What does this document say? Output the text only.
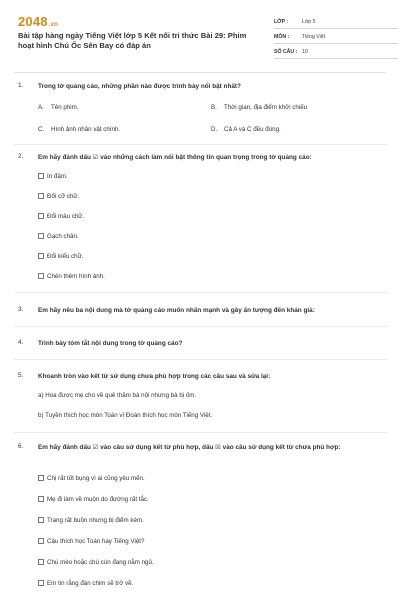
2048.vn
Bài tập hàng ngày Tiếng Việt lớp 5 Kết nối tri thức Bài 29: Phim hoạt hình Chú Ốc Sên Bay có đáp án
LỚP :	Lớp 5
MÔN : Tiếng Việt
SỐ CÂU : 10
1. Trong tờ quảng cáo, những phần nào được trình bày nổi bật nhất?
A. Tên phim.	B. Thời gian, địa điểm khởi chiếu
C. Hình ảnh nhân vật chính.	D. Cả A và C đều đúng.
2. Em hãy đánh dấu ☑ vào những cách làm nổi bật thông tin quan trọng trong tờ quảng cáo:
In đậm.
Đổi cỡ chữ.
Đổi màu chữ.
Gạch chân.
Đổi kiểu chữ.
Chèn thêm hình ảnh.
3. Em hãy nêu ba nội dung mà tờ quảng cáo muốn nhấn mạnh và gây ấn tượng đến khán giả:
4. Trình bày tóm tắt nội dung trong tờ quảng cáo?
5. Khoanh tròn vào kết từ sử dụng chưa phù hợp trong các câu sau và sửa lại:
a) Hoa được mẹ cho về quê thăm bà nội nhưng bà bị ốm.
b) Tuyền thích học môn Toán vì Đoàn thích học môn Tiếng Việt.
6. Em hãy đánh dấu ☑ vào câu sử dụng kết từ phù hợp, dấu ☒ vào câu sử dụng kết từ chưa phù hợp:
Chị rất tốt bụng vì ai cũng yêu mến.
Mẹ đi làm về muộn do đường rất tắc.
Trang rất buồn nhưng bị điểm kém.
Cậu thích học Toán hay Tiếng Việt?
Chú mèo hoặc chú cún đang nằm ngủ.
Em tin rằng đàn chim sẽ trở về.
